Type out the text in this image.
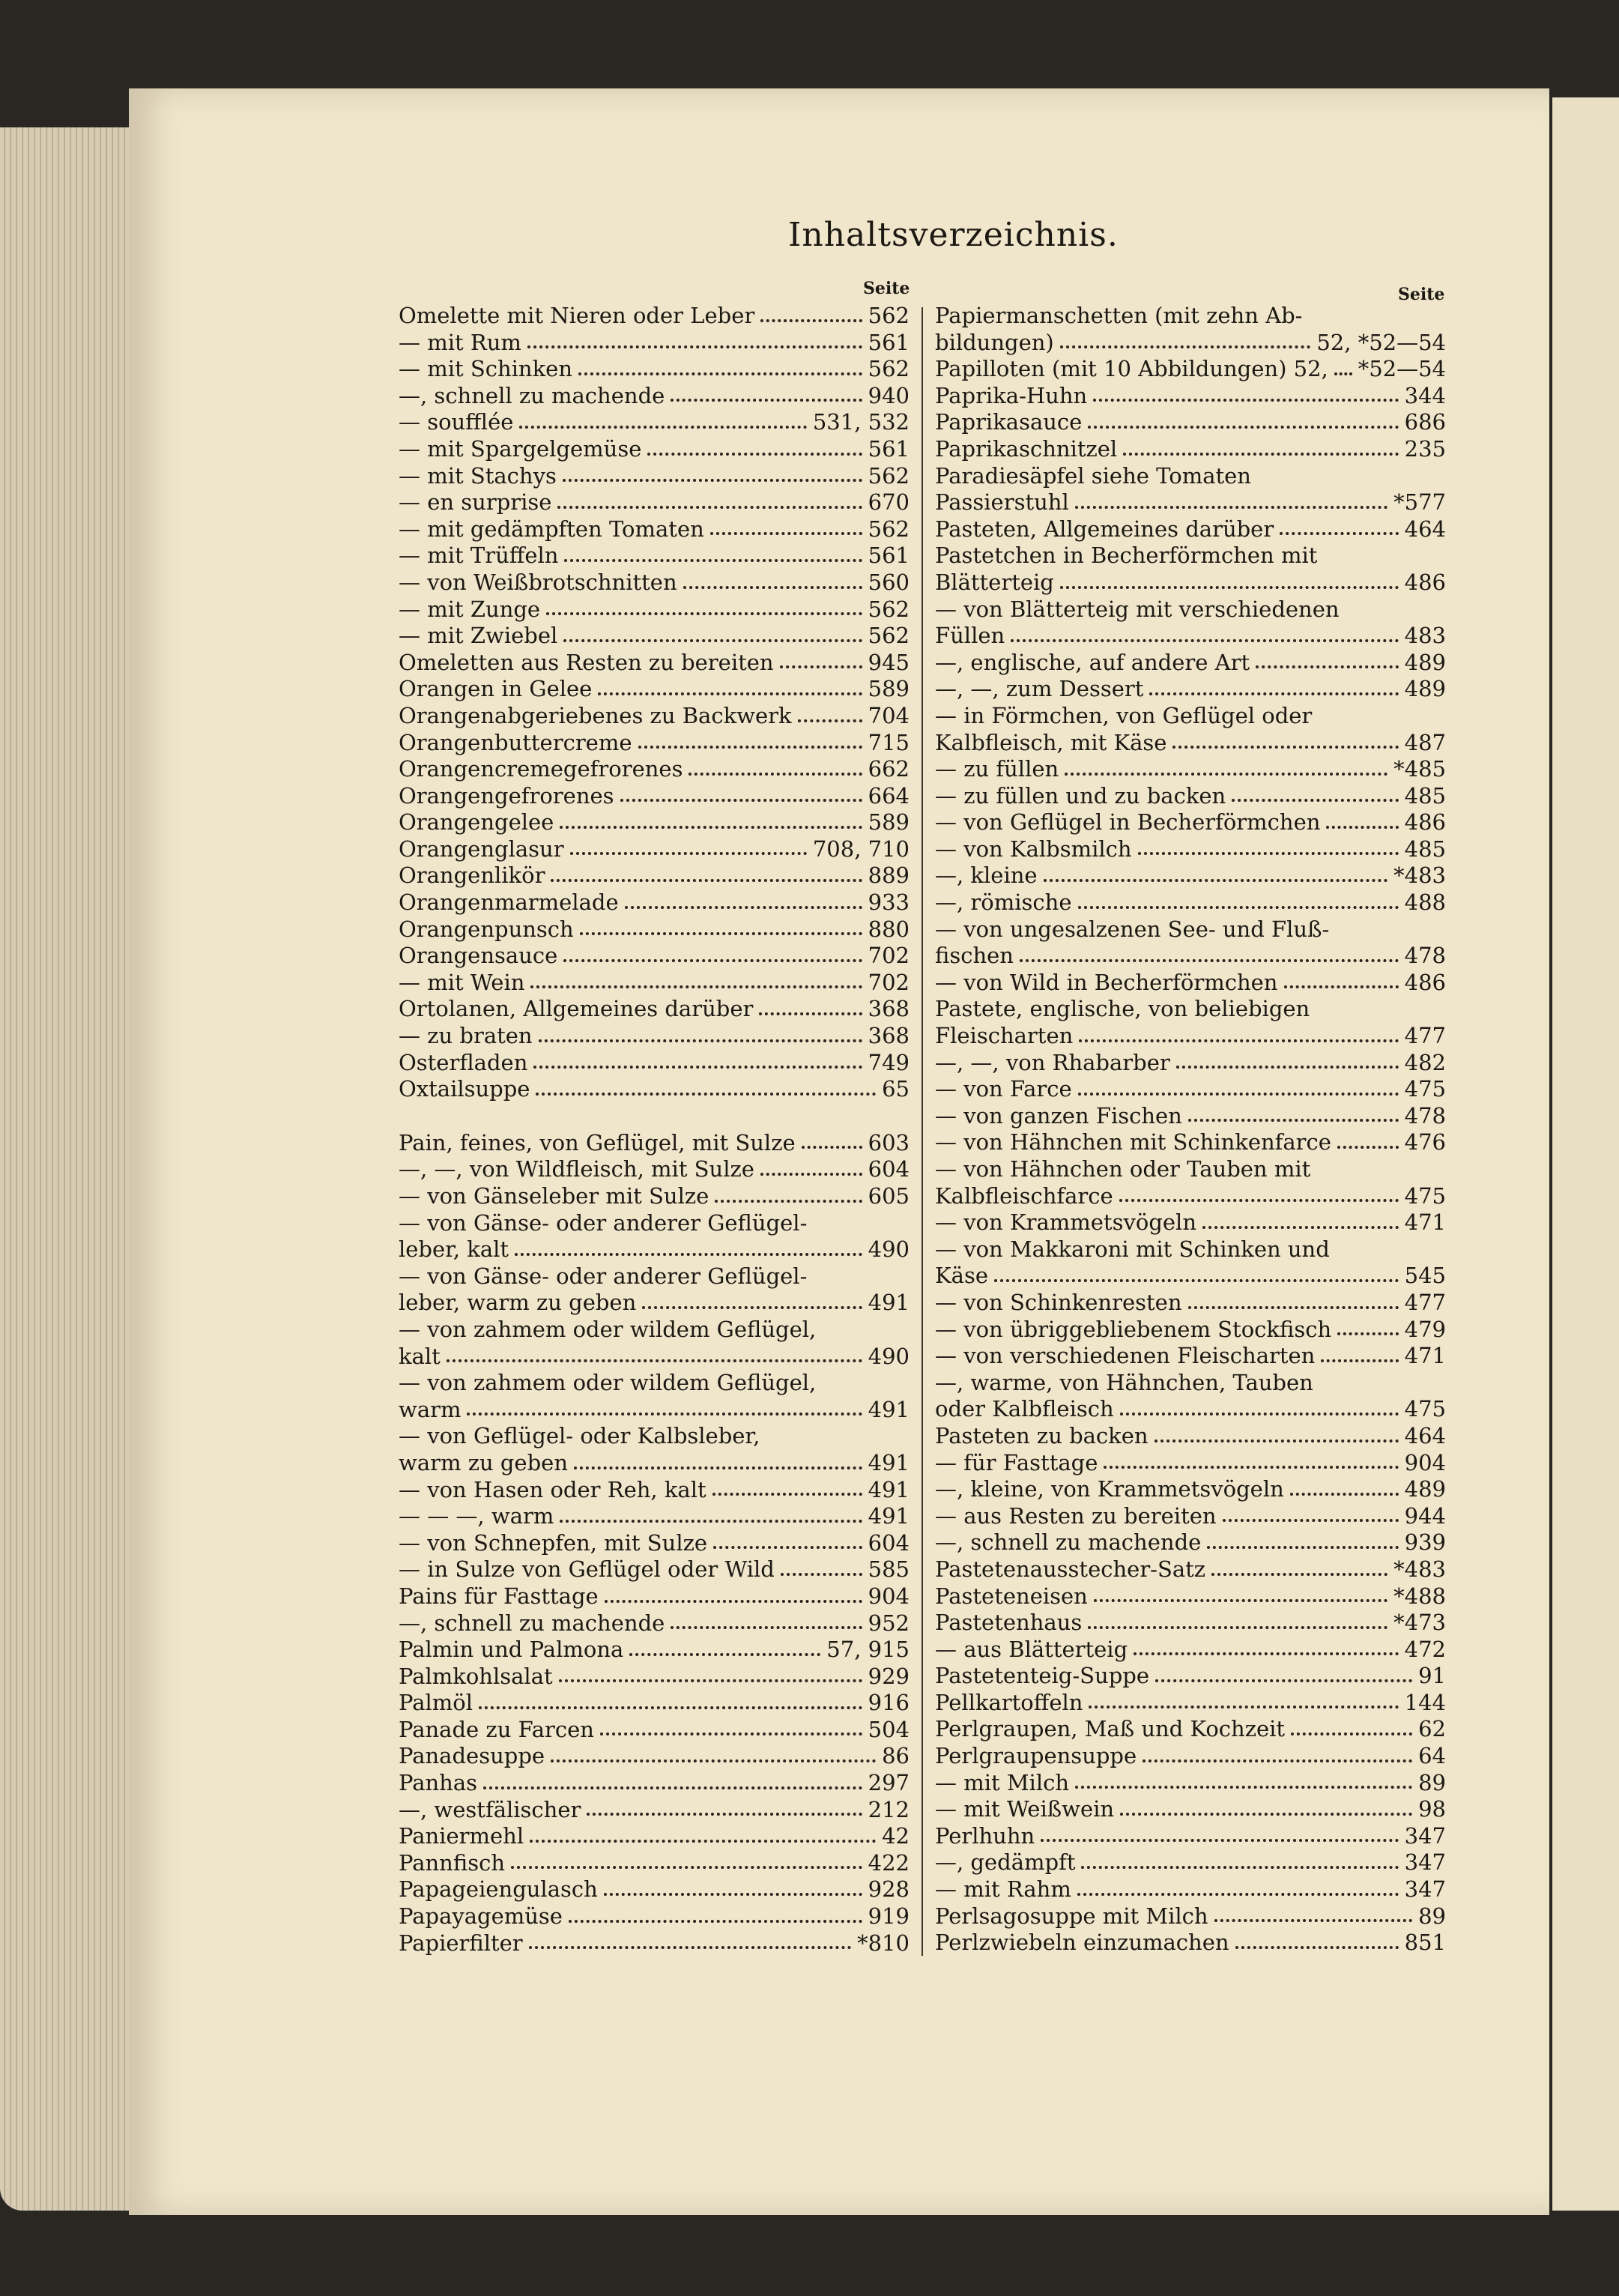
Inhaltsverzeichnis.
Seite	Seite
Omelette mit Nieren oder Leber	562
— mit Rum	561
— mit Schinken	562
—, schnell zu machende	940
— soufflée	531, 532
— mit Spargelgemüse	561
— mit Stachys	562
— en surprise	670
— mit gedämpften Tomaten	562
— mit Trüffeln	561
— von Weißbrotschnitten	560
— mit Zunge	562
— mit Zwiebel	562
Omeletten aus Resten zu bereiten	945
Orangen in Gelee	589
Orangenabgeriebenes zu Backwerk	704
Orangenbuttercreme	715
Orangencremegefrorenes	662
Orangengefrorenes	664
Orangengelee	589
Orangenglasur	708, 710
Orangenlikör	889
Orangenmarmelade	933
Orangenpunsch	880
Orangensauce	702
— mit Wein	702
Ortolanen, Allgemeines darüber	368
— zu braten	368
Osterfladen	749
Oxtailsuppe	65
Pain, feines, von Geflügel, mit Sulze	603
—, —, von Wildfleisch, mit Sulze	604
— von Gänseleber mit Sulze	605
— von Gänse- oder anderer Geflügel-
leber, kalt	490
— von Gänse- oder anderer Geflügel-
leber, warm zu geben	491
— von zahmem oder wildem Geflügel,
kalt	490
— von zahmem oder wildem Geflügel,
warm	491
— von Geflügel- oder Kalbsleber,
warm zu geben	491
— von Hasen oder Reh, kalt	491
— — —, warm	491
— von Schnepfen, mit Sulze	604
— in Sulze von Geflügel oder Wild	585
Pains für Fasttage	904
—, schnell zu machende	952
Palmin und Palmona	57, 915
Palmkohlsalat	929
Palmöl	916
Panade zu Farcen	504
Panadesuppe	86
Panhas	297
—, westfälischer	212
Paniermehl	42
Pannfisch	422
Papageiengulasch	928
Papayagemüse	919
Papierfilter	*810
Papiermanschetten (mit zehn Ab-
bildungen)	52, *52—54
Papilloten (mit 10 Abbildungen) 52, *52—54
Paprika-Huhn	344
Paprikasauce	686
Paprikaschnitzel	235
Paradiesäpfel siehe Tomaten
Passierstuhl	*577
Pasteten, Allgemeines darüber	464
Pastetchen in Becherförmchen mit
Blätterteig	486
— von Blätterteig mit verschiedenen
Füllen	483
—, englische, auf andere Art	489
—, —, zum Dessert	489
— in Förmchen, von Geflügel oder
Kalbfleisch, mit Käse	487
— zu füllen	*485
— zu füllen und zu backen	485
— von Geflügel in Becherförmchen	486
— von Kalbsmilch	485
—, kleine	*483
—, römische	488
— von ungesalzenen See- und Fluß-
fischen	478
— von Wild in Becherförmchen	486
Pastete, englische, von beliebigen
Fleischarten	477
—, —, von Rhabarber	482
— von Farce	475
— von ganzen Fischen	478
— von Hähnchen mit Schinkenfarce	476
— von Hähnchen oder Tauben mit
Kalbfleischfarce	475
— von Krammetsvögeln	471
— von Makkaroni mit Schinken und
Käse	545
— von Schinkenresten	477
— von übriggebliebenem Stockfisch	479
— von verschiedenen Fleischarten	471
—, warme, von Hähnchen, Tauben
oder Kalbfleisch	475
Pasteten zu backen	464
— für Fasttage	904
—, kleine, von Krammetsvögeln	489
— aus Resten zu bereiten	944
—, schnell zu machende	939
Pastetenausstecher-Satz	*483
Pasteteneisen	*488
Pastetenhaus	*473
— aus Blätterteig	472
Pastetenteig-Suppe	91
Pellkartoffeln	144
Perlgraupen, Maß und Kochzeit	62
Perlgraupensuppe	64
— mit Milch	89
— mit Weißwein	98
Perlhuhn	347
—, gedämpft	347
— mit Rahm	347
Perlsagosuppe mit Milch	89
Perlzwiebeln einzumachen	851
